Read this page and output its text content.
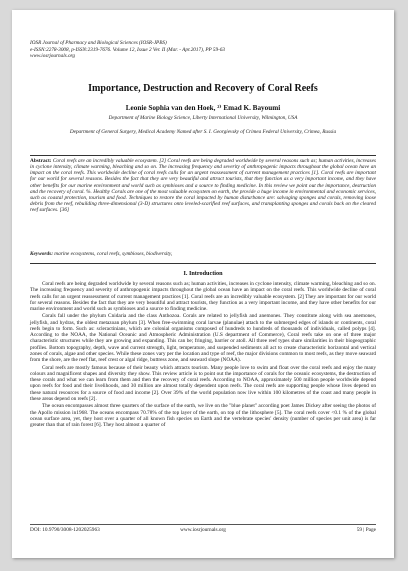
IOSR Journal of Pharmacy and Biological Sciences (IOSR-JPBS)
e-ISSN:2278-3008, p-ISSN:2319-7676. Volume 12, Issue 2 Ver. II (Mar. - Apr.2017), PP 59-63
www.iosrjournals.org
Importance, Destruction and Recovery of Coral Reefs
Leonie Sophia van den Hoek, ²⁾ Emad K. Bayoumi
Department of Marine Biology Science, Liberty International University, Wilmington, USA
Department of General Surgery, Medical Academy Named after S. I. Georgievsky of Crimea Federal University, Crimea, Russia
Abstract: Coral reefs are an incredibly valuable ecosystem. [2] Coral reefs are being degraded worldwide by several reasons such as; human activities, increases in cyclone intensity, climate warming, bleaching and so on. The increasing frequency and severity of anthropogenic impacts throughout the global ocean have an impact on the coral reefs. This worldwide decline of coral reefs calls for an urgent reassessment of current management practices [1]. Coral reefs are important for our world for several reasons. Besides the fact that they are very beautiful and attract tourists, that they function as a very important income, and they have other benefits for our marine environment and world such as symbioses and a source to finding medicine. In this review we point out the importance, destruction and the recovery of coral. %. Healthy Corals are one of the most valuable ecosystem on earth, the provide a huge income in environmental and economic services, such as coastal protection, tourism and food. Techniques to restore the coral impacted by human disturbance are: salvaging sponges and corals, removing loose debris from the reef, rebuilding three-dimensional (3-D) structures onto leveled-scarified reef surfaces, and transplanting sponges and corals back on the cleared reef surfaces. [36]
Keywords: marine ecosystems, coral reefs, symbioses, biodiversity,
I. Introduction

Coral reefs are being degraded worldwide by several reasons such as; human activities, increases in cyclone intensity, climate warming, bleaching and so on. The increasing frequency and severity of anthropogenic impacts throughout the global ocean have an impact on the coral reefs. This worldwide decline of coral reefs calls for an urgent reassessment of current management practices [1]. Coral reefs are an incredibly valuable ecosystem. [2] They are important for our world for several reasons. Besides the fact that they are very beautiful and attract tourists, they function as a very important income, and they have other benefits for our marine environment and world such as symbioses and a source to finding medicine.

Corals fall under the phylum Cnidaria and the class Anthozoa. Corals are related to jellyfish and anemones. They constitute along with sea anemones, jellyfish, and hydras, the oldest metazoan phylum [3]. When free-swimming coral larvae (planulae) attach to the submerged edges of islands or continents, coral reefs begin to form. Such as: scleractinians, which are colonial organisms composed of hundreds to hundreds of thousands of individuals, called polyps [4]. According to the NOAA, the National Oceanic and Atmospheric Administration (U.S department of Commerce), Coral reefs take on one of three major characteristic structures while they are growing and expanding. This can be; fringing, barrier or atoll. All three reef types share similarities in their biogeographic profiles. Bottom topography, depth, wave and current strength, light, temperature, and suspended sediments all act to create characteristic horizontal and vertical zones of corals, algae and other species. While these zones vary per the location and type of reef, the major divisions common to most reefs, as they move seaward from the shore, are the reef flat, reef crest or algal ridge, buttress zone, and seaward slope (NOAA).

Coral reefs are mostly famous because of their beauty which attracts tourism. Many people love to swim and float over the coral reefs and enjoy the many colours and magnificent shapes and diversity they show. This review article is to point out the importance of corals for the oceanic ecosystems, the destruction of these corals and what we can learn from them and then the recovery of coral reefs. According to NOAA, approximately 500 million people worldwide depend upon reefs for food and their livelihoods, and 30 million are almost totally dependent upon reefs. The coral reefs are supporting people whose lives depend on these natural resources for a source of food and income [2]. Over 39% of the world population now live within 100 kilometres of the coast and many people in these areas depend on reefs [2].

The ocean encompasses almost three quarters of the surface of the earth, we live on the "blue planet" according poet James Dickey after seeing the photos of the Apollo mission in1968. The oceans encompass 70.78% of the top layer of the earth, on top of the lithosphere [5]. The coral reefs cover <0.1 % of the global ocean surface area, yet, they host over a quarter of all known fish species on Earth and the vertebrate species' density (number of species per unit area) is far greater than that of rain forest [6]. They host almost a quarter of

DOI: 10.9790/3008-1202025963	www.iosrjournals.org	59 | Page
